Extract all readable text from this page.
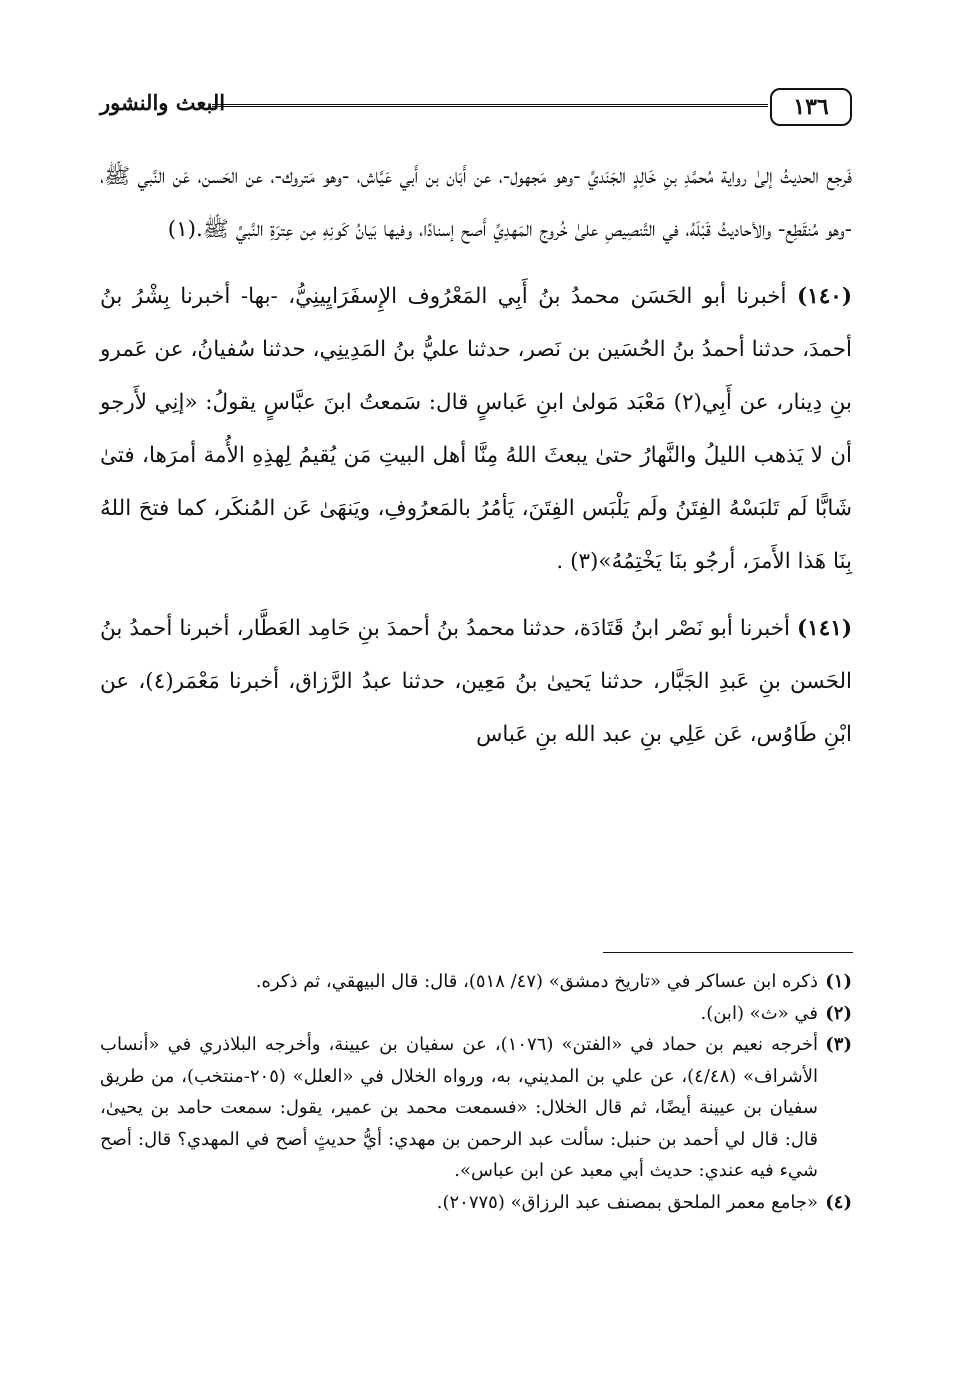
١٣٦
البعث والنشور

فَرجع الحديثُ إلىٰ رواية مُحمَّدِ بنِ خَالِدٍ الجَنَديِّ -وهو مَجهول-، عن أَبَان بن أَبي عَيَّاش، -وهو مَتروك-، عن الحَسن، عَن النَّبي ﷺ، -وهو مُنقَطِع- والأحاديثُ قَبْلَهُ، في التَّنصِيصِ علىٰ خُروج المَهدِيِّ أَصح إسنادًا، وفيها بَيانُ كَونِهِ مِن عِترَةِ النَّبيِّ ﷺ.(١)

(١٤٠) أخبرنا أبو الحَسَن محمدُ بنُ أَبِي المَعْرُوف الإِسفَرَايِينِيُّ، -بها- أخبرنا بِشْرُ بنُ أحمدَ، حدثنا أحمدُ بنُ الحُسَين بن نَصر، حدثنا عليُّ بنُ المَدِينِي، حدثنا سُفيانُ، عن عَمرو بنِ دِينار، عن أَبِي(٢) مَعْبَد مَولىٰ ابنِ عَباسٍ قال: سَمعتُ ابنَ عبَّاسٍ يقولُ: «إنِي لأَرجو أن لا يَذهب الليلُ والنَّهارُ حتىٰ يبعثَ اللهُ مِنَّا أهل البيتِ مَن يُقيمُ لِهذِهِ الأُمة أمرَها، فتىٰ شَابًّا لَم تَلبَسْهُ الفِتَنُ ولَم يَلْبَس الفِتَنَ، يَأمُرُ بالمَعرُوفِ، ويَنهَىٰ عَن المُنكَر، كما فتحَ اللهُ بِنَا هَذا الأَمرَ، أرجُو بنَا يَخْتِمُهُ»(٣) .

(١٤١) أخبرنا أبو نَصْر ابنُ قَتَادَة، حدثنا محمدُ بنُ أحمدَ بنِ حَامِد العَطَّار، أخبرنا أحمدُ بنُ الحَسن بنِ عَبدِ الجَبَّار، حدثنا يَحيىٰ بنُ مَعِين، حدثنا عبدُ الرَّزاق، أخبرنا مَعْمَر(٤)، عن ابْنِ طَاوُس، عَن عَلِي بنِ عبد الله بنِ عَباس

(١)
ذكره ابن عساكر في «تاريخ دمشق» (٤٧/ ٥١٨)، قال: قال البيهقي، ثم ذكره.

(٢)
في «ث» (ابن).

(٣)
أخرجه نعيم بن حماد في «الفتن» (١٠٧٦)، عن سفيان بن عيينة، وأخرجه البلاذري في «أنساب الأشراف» (٤/٤٨)، عن علي بن المديني، به، ورواه الخلال في «العلل» (٢٠٥-منتخب)، من طريق سفيان بن عيينة أيضًا، ثم قال الخلال: «فسمعت محمد بن عمير، يقول: سمعت حامد بن يحيىٰ، قال: قال لي أحمد بن حنبل: سألت عبد الرحمن بن مهدي: أيُّ حديثٍ أصح في المهدي؟ قال: أصح شيء فيه عندي: حديث أبي معبد عن ابن عباس».

(٤)
«جامع معمر الملحق بمصنف عبد الرزاق» (٢٠٧٧٥).
